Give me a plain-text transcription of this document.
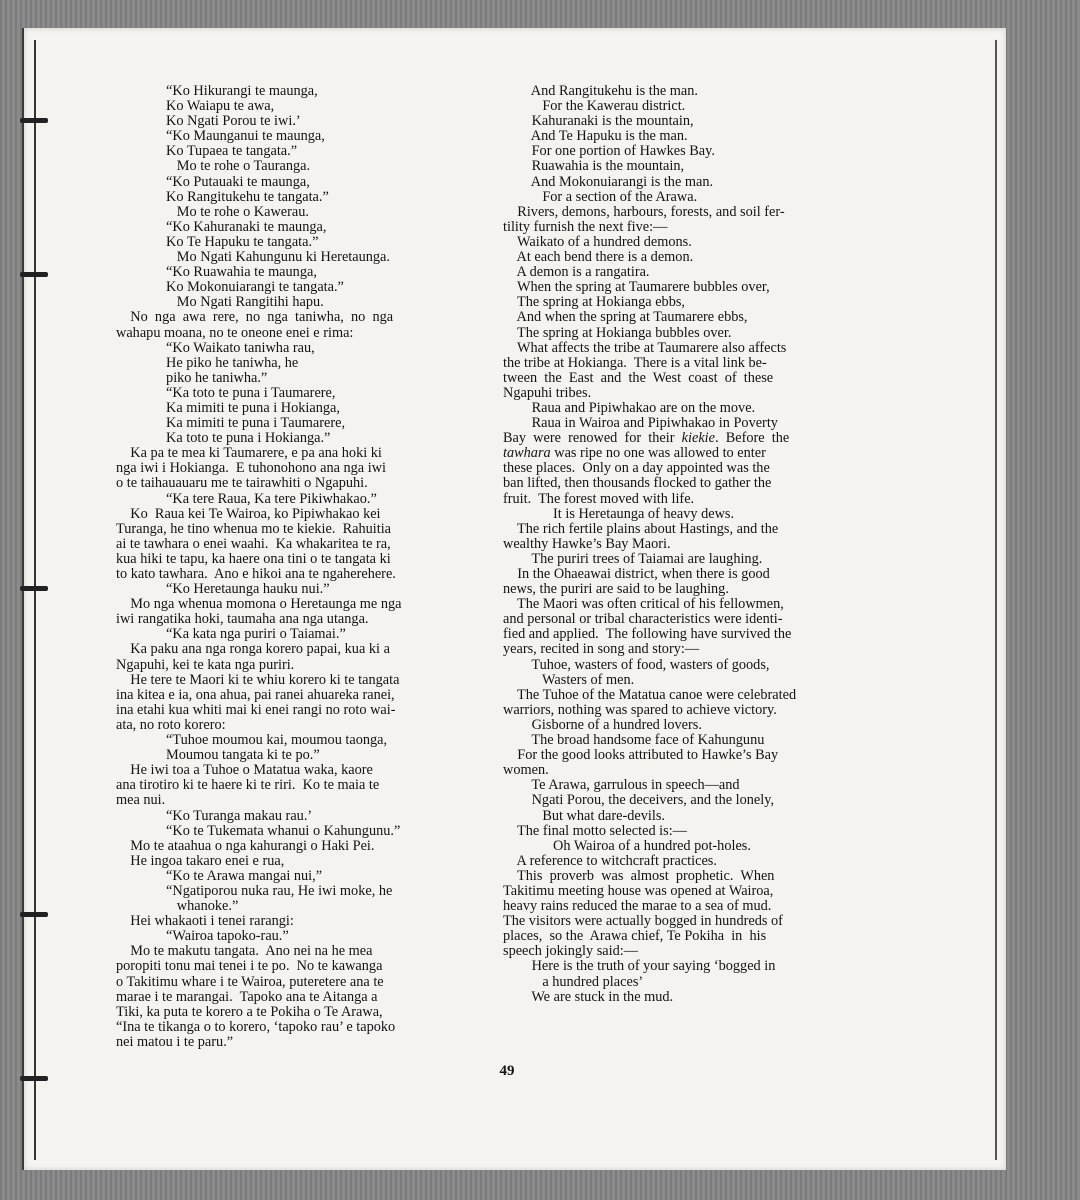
“Ko Hikurangi te maunga,
Ko Waiapu te awa,
Ko Ngati Porou te iwi.’
“Ko Maunganui te maunga,
Ko Tupaea te tangata.”
Mo te rohe o Tauranga.
“Ko Putauaki te maunga,
Ko Rangitukehu te tangata.”
Mo te rohe o Kawerau.
“Ko Kahuranaki te maunga,
Ko Te Hapuku te tangata.”
Mo Ngati Kahungunu ki Heretaunga.
“Ko Ruawahia te maunga,
Ko Mokonuiarangi te tangata.”
Mo Ngati Rangitihi hapu.
No  nga  awa  rere,  no  nga  taniwha,  no  nga
wahapu moana, no te oneone enei e rima:
“Ko Waikato taniwha rau,
He piko he taniwha, he
piko he taniwha.”
“Ka toto te puna i Taumarere,
Ka mimiti te puna i Hokianga,
Ka mimiti te puna i Taumarere,
Ka toto te puna i Hokianga.”
Ka pa te mea ki Taumarere, e pa ana hoki ki
nga iwi i Hokianga.  E tuhonohono ana nga iwi
o te taihauauaru me te tairawhiti o Ngapuhi.
“Ka tere Raua, Ka tere Pikiwhakao.”
Ko  Raua kei Te Wairoa, ko Pipiwhakao kei
Turanga, he tino whenua mo te kiekie.  Rahuitia
ai te tawhara o enei waahi.  Ka whakaritea te ra,
kua hiki te tapu, ka haere ona tini o te tangata ki
to kato tawhara.  Ano e hikoi ana te ngaherehere.
“Ko Heretaunga hauku nui.”
Mo nga whenua momona o Heretaunga me nga
iwi rangatika hoki, taumaha ana nga utanga.
“Ka kata nga puriri o Taiamai.”
Ka paku ana nga ronga korero papai, kua ki a
Ngapuhi, kei te kata nga puriri.
He tere te Maori ki te whiu korero ki te tangata
ina kitea e ia, ona ahua, pai ranei ahuareka ranei,
ina etahi kua whiti mai ki enei rangi no roto wai-
ata, no roto korero:
“Tuhoe moumou kai, moumou taonga,
Moumou tangata ki te po.”
He iwi toa a Tuhoe o Matatua waka, kaore
ana tirotiro ki te haere ki te riri.  Ko te maia te
mea nui.
“Ko Turanga makau rau.’
“Ko te Tukemata whanui o Kahungunu.”
Mo te ataahua o nga kahurangi o Haki Pei.
He ingoa takaro enei e rua,
“Ko te Arawa mangai nui,”
“Ngatiporou nuka rau, He iwi moke, he
whanoke.”
Hei whakaoti i tenei rarangi:
“Wairoa tapoko-rau.”
Mo te makutu tangata.  Ano nei na he mea
poropiti tonu mai tenei i te po.  No te kawanga
o Takitimu whare i te Wairoa, puteretere ana te
marae i te marangai.  Tapoko ana te Aitanga a
Tiki, ka puta te korero a te Pokiha o Te Arawa,
“Ina te tikanga o to korero, ‘tapoko rau’ e tapoko
nei matou i te paru.”
And Rangitukehu is the man.
For the Kawerau district.
Kahuranaki is the mountain,
And Te Hapuku is the man.
For one portion of Hawkes Bay.
Ruawahia is the mountain,
And Mokonuiarangi is the man.
For a section of the Arawa.
Rivers, demons, harbours, forests, and soil fer-
tility furnish the next five:—
Waikato of a hundred demons.
At each bend there is a demon.
A demon is a rangatira.
When the spring at Taumarere bubbles over,
The spring at Hokianga ebbs,
And when the spring at Taumarere ebbs,
The spring at Hokianga bubbles over.
What affects the tribe at Taumarere also affects
the tribe at Hokianga.  There is a vital link be-
tween  the  East  and  the  West  coast  of  these
Ngapuhi tribes.
Raua and Pipiwhakao are on the move.
Raua in Wairoa and Pipiwhakao in Poverty
Bay  were  renowed  for  their  kiekie.  Before  the
tawhara was ripe no one was allowed to enter
these places.  Only on a day appointed was the
ban lifted, then thousands flocked to gather the
fruit.  The forest moved with life.
It is Heretaunga of heavy dews.
The rich fertile plains about Hastings, and the
wealthy Hawke’s Bay Maori.
The puriri trees of Taiamai are laughing.
In the Ohaeawai district, when there is good
news, the puriri are said to be laughing.
The Maori was often critical of his fellowmen,
and personal or tribal characteristics were identi-
fied and applied.  The following have survived the
years, recited in song and story:—
Tuhoe, wasters of food, wasters of goods,
Wasters of men.
The Tuhoe of the Matatua canoe were celebrated
warriors, nothing was spared to achieve victory.
Gisborne of a hundred lovers.
The broad handsome face of Kahungunu
For the good looks attributed to Hawke’s Bay
women.
Te Arawa, garrulous in speech—and
Ngati Porou, the deceivers, and the lonely,
But what dare-devils.
The final motto selected is:—
Oh Wairoa of a hundred pot-holes.
A reference to witchcraft practices.
This  proverb  was  almost  prophetic.  When
Takitimu meeting house was opened at Wairoa,
heavy rains reduced the marae to a sea of mud.
The visitors were actually bogged in hundreds of
places,  so the  Arawa chief, Te Pokiha  in  his
speech jokingly said:—
Here is the truth of your saying ‘bogged in
a hundred places’
We are stuck in the mud.
49
